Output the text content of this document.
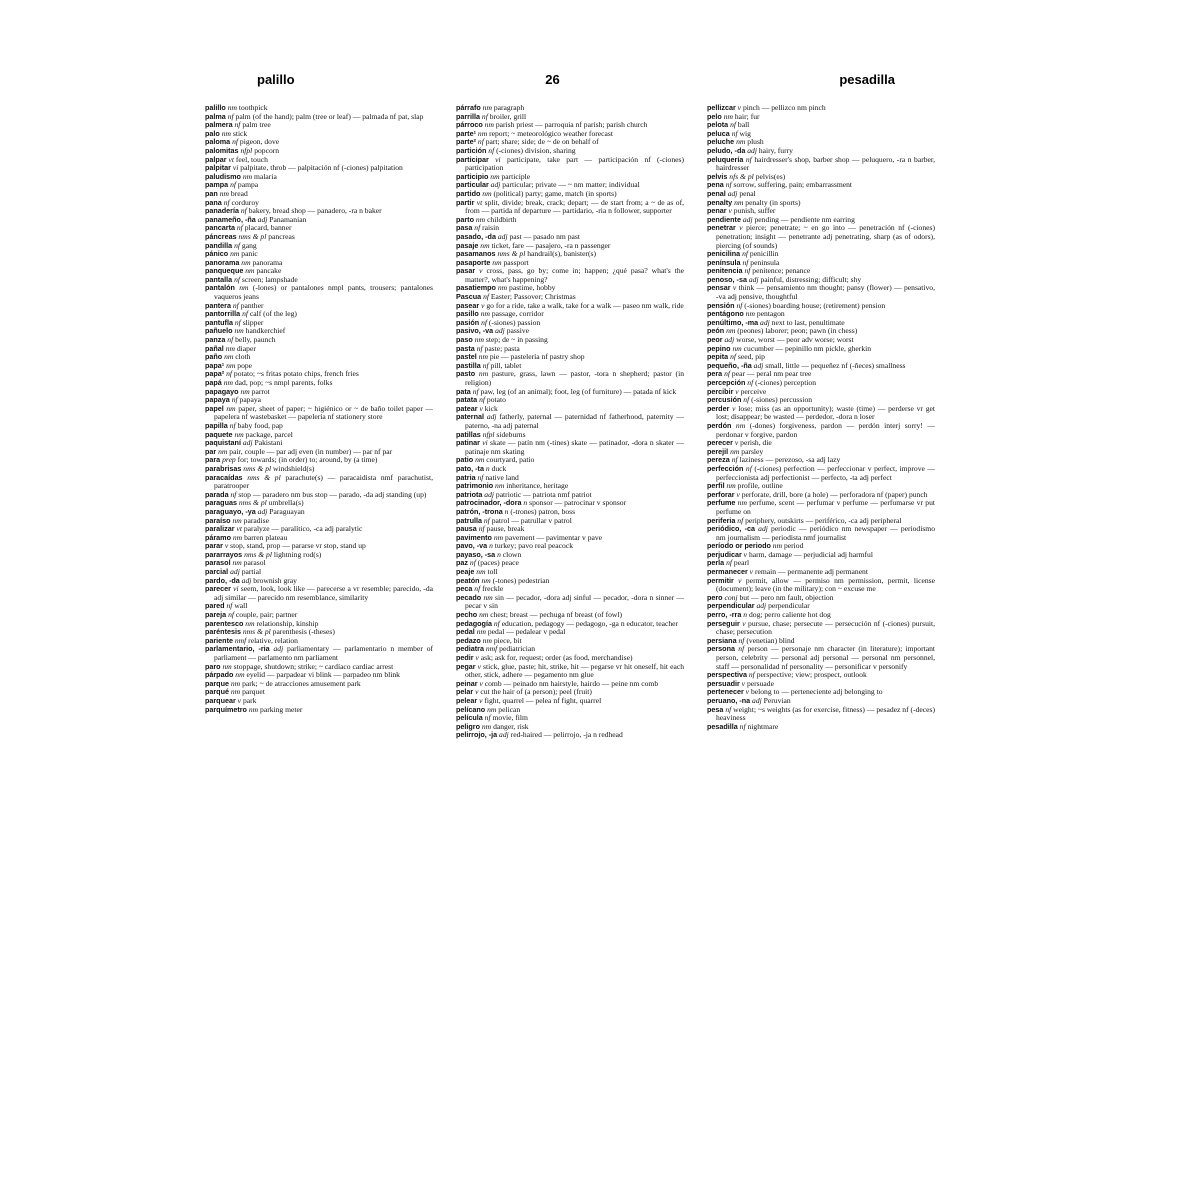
palillo	26	pesadilla

palillo nm toothpick

palma nf palm (of the hand); palm (tree or leaf) — palmada nf pat, slap

palmera nf palm tree

palo nm stick

paloma nf pigeon, dove

palomitas nfpl popcorn

palpar vt feel, touch

palpitar vi palpitate, throb — palpitación nf (-ciones) palpitation

paludismo nm malaria

pampa nf pampa

pan nm bread

pana nf corduroy

panadería nf bakery, bread shop — panadero, -ra n baker

panameño, -ña adj Panamanian

pancarta nf placard, banner

páncreas nms & pl pancreas

pandilla nf gang

pánico nm panic

panorama nm panorama

panqueque nm pancake

pantalla nf screen; lampshade

pantalón nm (-lones) or pantalones nmpl pants, trousers; pantalones vaqueros jeans

pantera nf panther

pantorrilla nf calf (of the leg)

pantufla nf slipper

pañuelo nm handkerchief

panza nf belly, paunch

pañal nm diaper

paño nm cloth

papa¹ nm pope

papa² nf potato; ~s fritas potato chips, french fries

papá nm dad, pop; ~s nmpl parents, folks

papagayo nm parrot

papaya nf papaya

papel nm paper, sheet of paper; ~ higiénico or ~ de baño toilet paper — papelera nf wastebasket — papelería nf stationery store

papilla nf baby food, pap

paquete nm package, parcel

paquistaní adj Pakistani

par nm pair, couple — par adj even (in number) — par nf par

para prep for; towards; (in order) to; around, by (a time)

parabrisas nms & pl windshield(s)

paracaídas nms & pl parachute(s) — paracaidista nmf parachutist, paratrooper

parada nf stop — paradero nm bus stop — parado, -da adj standing (up)

paraguas nms & pl umbrella(s)

paraguayo, -ya adj Paraguayan

paraíso nm paradise

paralizar vt paralyze — paralítico, -ca adj paralytic

páramo nm barren plateau

parar v stop, stand, prop — pararse vr stop, stand up

pararrayos nms & pl lightning rod(s)

parasol nm parasol

parcial adj partial

pardo, -da adj brownish gray

parecer vi seem, look, look like — parecerse a vr resemble; parecido, -da adj similar — parecido nm resemblance, similarity

pared nf wall

pareja nf couple, pair; partner

parentesco nm relationship, kinship

paréntesis nms & pl parenthesis (-theses)

pariente nmf relative, relation

parlamentario, -ria adj parliamentary — parlamentario n member of parliament — parlamento nm parliament

paro nm stoppage, shutdown; strike; ~ cardíaco cardiac arrest

párpado nm eyelid — parpadear vi blink — parpadeo nm blink

parque nm park; ~ de atracciones amusement park

parqué nm parquet

parquear v park

parquímetro nm parking meter

párrafo nm paragraph

parrilla nf broiler, grill

párroco nm parish priest — parroquia nf parish; parish church

parte¹ nm report; ~ meteorológico weather forecast

parte² nf part; share; side; de ~ de on behalf of

partición nf (-ciones) division, sharing

participar vi participate, take part — participación nf (-ciones) participation

participio nm participle

particular adj particular; private — ~ nm matter; individual

partido nm (political) party; game, match (in sports)

partir vt split, divide; break, crack; depart; — de start from; a ~ de as of, from — partida nf departure — partidario, -ria n follower, supporter

parto nm childbirth

pasa nf raisin

pasado, -da adj past — pasado nm past

pasaje nm ticket, fare — pasajero, -ra n passenger

pasamanos nms & pl handrail(s), banister(s)

pasaporte nm passport

pasar v cross, pass, go by; come in; happen; ¿qué pasa? what's the matter?, what's happening?

pasatiempo nm pastime, hobby

Pascua nf Easter; Passover; Christmas

pasear v go for a ride, take a walk, take for a walk — paseo nm walk, ride

pasillo nm passage, corridor

pasión nf (-siones) passion

pasivo, -va adj passive

paso nm step; de ~ in passing

pasta nf paste; pasta

pastel nm pie — pastelería nf pastry shop

pastilla nf pill, tablet

pasto nm pasture, grass, lawn — pastor, -tora n shepherd; pastor (in religion)

pata nf paw, leg (of an animal); foot, leg (of furniture) — patada nf kick

patata nf potato

patear v kick

paternal adj fatherly, paternal — paternidad nf fatherhood, paternity — paterno, -na adj paternal

patillas nfpl sideburns

patinar vi skate — patín nm (-tines) skate — patinador, -dora n skater — patinaje nm skating

patio nm courtyard, patio

pato, -ta n duck

patria nf native land

patrimonio nm inheritance, heritage

patriota adj patriotic — patriota nmf patriot

patrocinador, -dora n sponsor — patrocinar v sponsor

patrón, -trona n (-trones) patron, boss

patrulla nf patrol — patrullar v patrol

pausa nf pause, break

pavimento nm pavement — pavimentar v pave

pavo, -va n turkey; pavo real peacock

payaso, -sa n clown

paz nf (paces) peace

peaje nm toll

peatón nm (-tones) pedestrian

peca nf freckle

pecado nm sin — pecador, -dora adj sinful — pecador, -dora n sinner — pecar v sin

pecho nm chest; breast — pechuga nf breast (of fowl)

pedagogía nf education, pedagogy — pedagogo, -ga n educator, teacher

pedal nm pedal — pedalear v pedal

pedazo nm piece, bit

pediatra nmf pediatrician

pedir v ask; ask for, request; order (as food, merchandise)

pegar v stick, glue, paste; hit, strike, hit — pegarse vr hit oneself, hit each other, stick, adhere — pegamento nm glue

peinar v comb — peinado nm hairstyle, hairdo — peine nm comb

pelar v cut the hair of (a person); peel (fruit)

pelear v fight, quarrel — pelea nf fight, quarrel

pelícano nm pelican

película nf movie, film

peligro nm danger, risk

pelirrojo, -ja adj red-haired — pelirrojo, -ja n redhead

pellizcar v pinch — pellizco nm pinch

pelo nm hair; fur

pelota nf ball

peluca nf wig

peluche nm plush

peludo, -da adj hairy, furry

peluquería nf hairdresser's shop, barber shop — peluquero, -ra n barber, hairdresser

pelvis nfs & pl pelvis(es)

pena nf sorrow, suffering, pain; embarrassment

penal adj penal

penalty nm penalty (in sports)

penar v punish, suffer

pendiente adj pending — pendiente nm earring

penetrar v pierce; penetrate; ~ en go into — penetración nf (-ciones) penetration; insight — penetrante adj penetrating, sharp (as of odors), piercing (of sounds)

penicilina nf penicillin

península nf peninsula

penitencia nf penitence; penance

penoso, -sa adj painful, distressing; difficult; shy

pensar v think — pensamiento nm thought; pansy (flower) — pensativo, -va adj pensive, thoughtful

pensión nf (-siones) boarding house; (retirement) pension

pentágono nm pentagon

penúltimo, -ma adj next to last, penultimate

peón nm (peones) laborer; peon; pawn (in chess)

peor adj worse, worst — peor adv worse; worst

pepino nm cucumber — pepinillo nm pickle, gherkin

pepita nf seed, pip

pequeño, -ña adj small, little — pequeñez nf (-ñeces) smallness

pera nf pear — peral nm pear tree

percepción nf (-ciones) perception

percibir v perceive

percusión nf (-siones) percussion

perder v lose; miss (as an opportunity); waste (time) — perderse vr get lost; disappear; be wasted — perdedor, -dora n loser

perdón nm (-dones) forgiveness, pardon — perdón interj sorry! — perdonar v forgive, pardon

perecer v perish, die

perejil nm parsley

pereza nf laziness — perezoso, -sa adj lazy

perfección nf (-ciones) perfection — perfeccionar v perfect, improve — perfeccionista adj perfectionist — perfecto, -ta adj perfect

perfil nm profile, outline

perforar v perforate, drill, bore (a hole) — perforadora nf (paper) punch

perfume nm perfume, scent — perfumar v perfume — perfumarse vr put perfume on

periferia nf periphery, outskirts — periférico, -ca adj peripheral

periódico, -ca adj periodic — periódico nm newspaper — periodismo nm journalism — periodista nmf journalist

período or periodo nm period

perjudicar v harm, damage — perjudicial adj harmful

perla nf pearl

permanecer v remain — permanente adj permanent

permitir v permit, allow — permiso nm permission, permit, license (document); leave (in the military); con ~ excuse me

pero conj but — pero nm fault, objection

perpendicular adj perpendicular

perro, -rra n dog; perro caliente hot dog

perseguir v pursue, chase; persecute — persecución nf (-ciones) pursuit, chase; persecution

persiana nf (venetian) blind

persona nf person — personaje nm character (in literature); important person, celebrity — personal adj personal — personal nm personnel, staff — personalidad nf personality — personificar v personify

perspectiva nf perspective; view; prospect, outlook

persuadir v persuade

pertenecer v belong to — perteneciente adj belonging to

peruano, -na adj Peruvian

pesa nf weight; ~s weights (as for exercise, fitness) — pesadez nf (-deces) heaviness

pesadilla nf nightmare
